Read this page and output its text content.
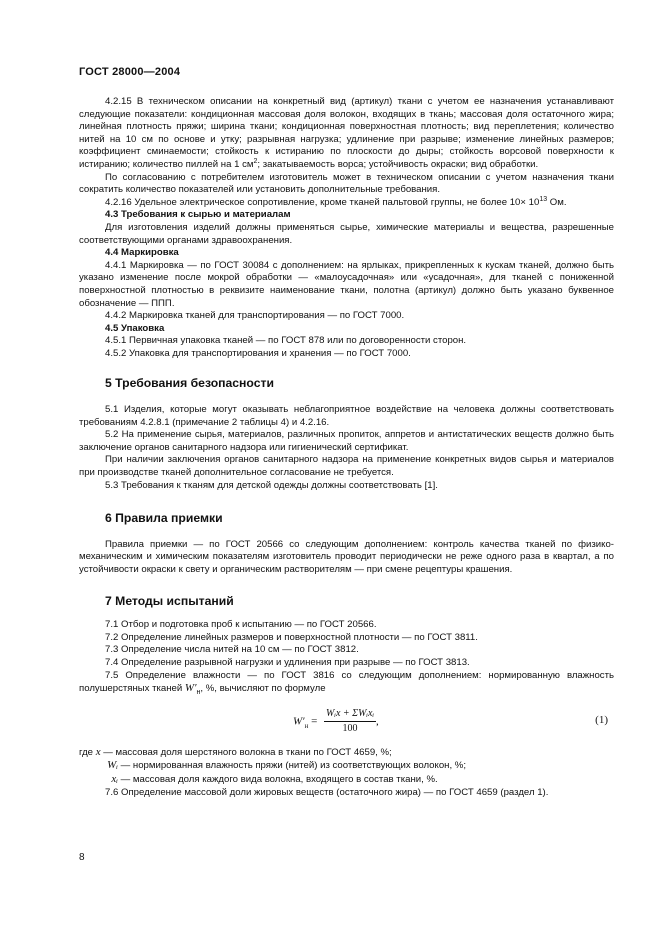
ГОСТ 28000—2004

4.2.15 В техническом описании на конкретный вид (артикул) ткани с учетом ее назначения устанавливают следующие показатели: кондиционная массовая доля волокон, входящих в ткань; массовая доля остаточного жира; линейная плотность пряжи; ширина ткани; кондиционная поверхностная плотность; вид переплетения; количество нитей на 10 см по основе и утку; разрывная нагрузка; удлинение при разрыве; изменение линейных размеров; коэффициент сминаемости; стойкость к истиранию по плоскости до дыры; стойкость ворсовой поверхности к истиранию; количество пиллей на 1 $см^2$; закатываемость ворса; устойчивость окраски; вид обработки.

По согласованию с потребителем изготовитель может в техническом описании с учетом назначения ткани сократить количество показателей или установить дополнительные требования.

4.2.16 Удельное электрическое сопротивление, кроме тканей пальтовой группы, не более $10\times 10^{13}$ Ом.

4.3 Требования к сырью и материалам

Для изготовления изделий должны применяться сырье, химические материалы и вещества, разрешенные соответствующими органами здравоохранения.

4.4 Маркировка

4.4.1 Маркировка — по ГОСТ 30084 с дополнением: на ярлыках, прикрепленных к кускам тканей, должно быть указано изменение после мокрой обработки — «малоусадочная» или «усадочная», для тканей с пониженной поверхностной плотностью в реквизите наименование ткани, полотна (артикул) должно быть указано буквенное обозначение — ППП.

4.4.2 Маркировка тканей для транспортирования — по ГОСТ 7000.

4.5 Упаковка

4.5.1 Первичная упаковка тканей — по ГОСТ 878 или по договоренности сторон.

4.5.2 Упаковка для транспортирования и хранения — по ГОСТ 7000.

5 Требования безопасности

5.1 Изделия, которые могут оказывать неблагоприятное воздействие на человека должны соответствовать требованиям 4.2.8.1 (примечание 2 таблицы 4) и 4.2.16.

5.2 На применение сырья, материалов, различных пропиток, аппретов и антистатических веществ должно быть заключение органов санитарного надзора или гигиенический сертификат.

При наличии заключения органов санитарного надзора на применение конкретных видов сырья и материалов при производстве тканей дополнительное согласование не требуется.

5.3 Требования к тканям для детской одежды должны соответствовать [1].

6 Правила приемки

Правила приемки — по ГОСТ 20566 со следующим дополнением: контроль качества тканей по физико-механическим и химическим показателям изготовитель проводит периодически не реже одного раза в квартал, а по устойчивости окраски к свету и органическим растворителям — при смене рецептуры крашения.

7 Методы испытаний

7.1 Отбор и подготовка проб к испытанию — по ГОСТ 20566.

7.2 Определение линейных размеров и поверхностной плотности — по ГОСТ 3811.

7.3 Определение числа нитей на 10 см — по ГОСТ 3812.

7.4 Определение разрывной нагрузки и удлинения при разрыве — по ГОСТ 3813.

7.5 Определение влажности — по ГОСТ 3816 со следующим дополнением: нормированную влажность полушерстяных тканей $W'_н$, %, вычисляют по формуле

$W'_н = \frac{\text{Wᵢx + ΣWᵢxᵢ}}{100}$ ,	(1)

где x — массовая доля шерстяного волокна в ткани по ГОСТ 4659, %;

Wᵢ — нормированная влажность пряжи (нитей) из соответствующих волокон, %;

xᵢ — массовая доля каждого вида волокна, входящего в состав ткани, %.

7.6 Определение массовой доли жировых веществ (остаточного жира) — по ГОСТ 4659 (раздел 1).

8
